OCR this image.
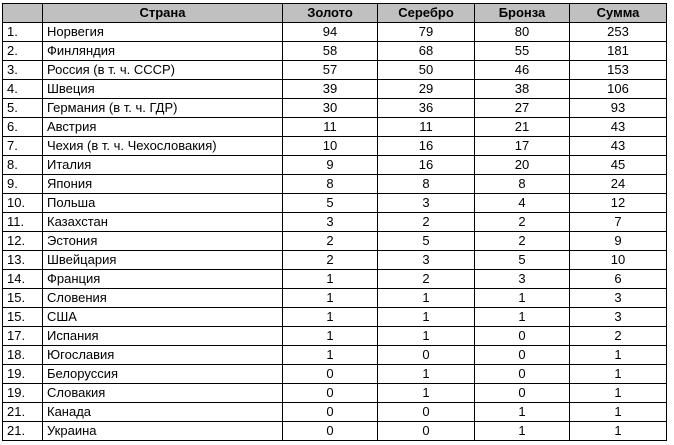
	Страна	Золото	Серебро	Бронза	Сумма
1.	Норвегия	94	79	80	253
2.	Финляндия	58	68	55	181
3.	Россия (в т. ч. СССР)	57	50	46	153
4.	Швеция	39	29	38	106
5.	Германия (в т. ч. ГДР)	30	36	27	93
6.	Австрия	11	11	21	43
7.	Чехия (в т. ч. Чехословакия)	10	16	17	43
8.	Италия	9	16	20	45
9.	Япония	8	8	8	24
10.	Польша	5	3	4	12
11.	Казахстан	3	2	2	7
12.	Эстония	2	5	2	9
13.	Швейцария	2	3	5	10
14.	Франция	1	2	3	6
15.	Словения	1	1	1	3
15.	США	1	1	1	3
17.	Испания	1	1	0	2
18.	Югославия	1	0	0	1
19.	Белоруссия	0	1	0	1
19.	Словакия	0	1	0	1
21.	Канада	0	0	1	1
21.	Украина	0	0	1	1
